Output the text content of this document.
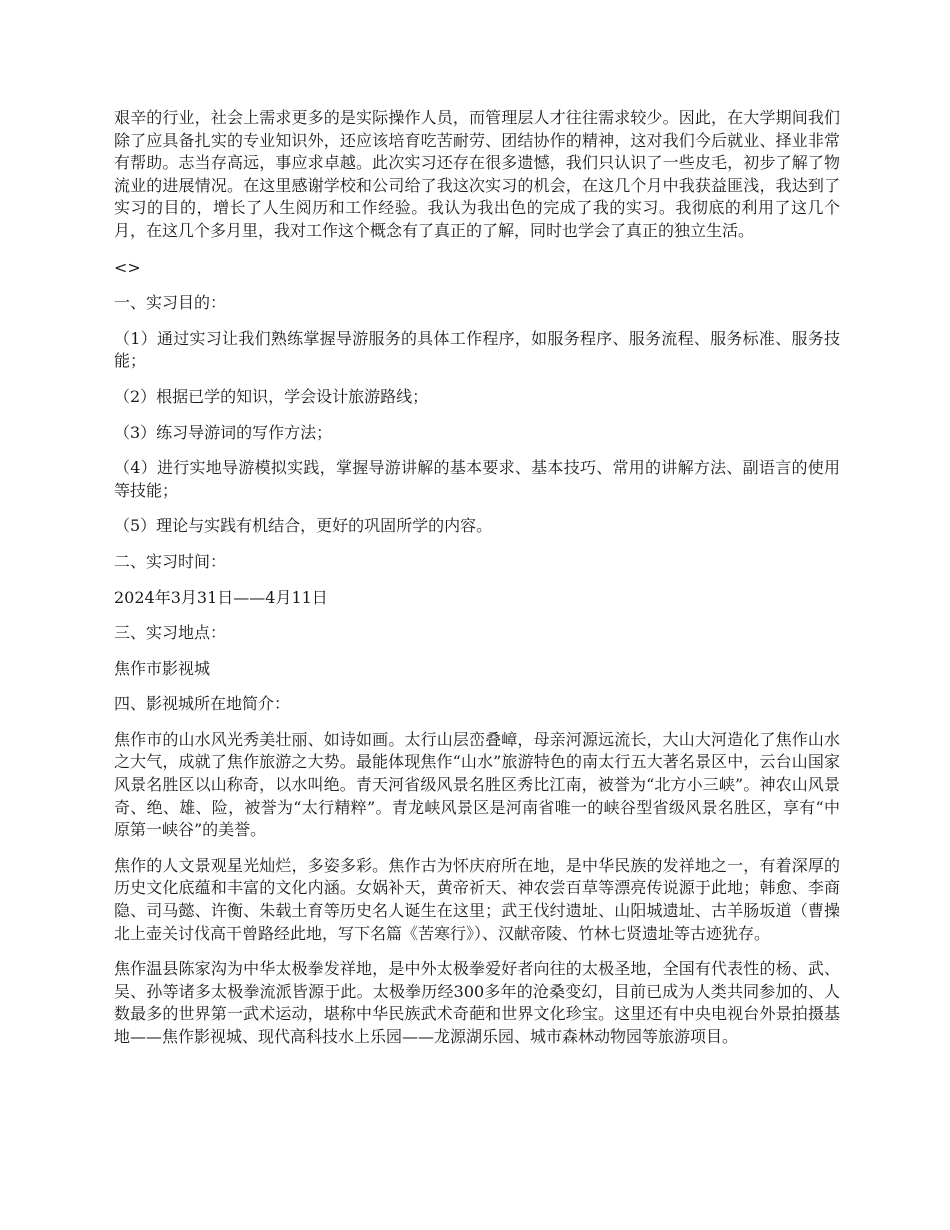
艰辛的行业，社会上需求更多的是实际操作人员，而管理层人才往往需求较少。因此，在大学期间我们除了应具备扎实的专业知识外，还应该培育吃苦耐劳、团结协作的精神，这对我们今后就业、择业非常有帮助。志当存高远，事应求卓越。此次实习还存在很多遗憾，我们只认识了一些皮毛，初步了解了物流业的进展情况。在这里感谢学校和公司给了我这次实习的机会，在这几个月中我获益匪浅，我达到了实习的目的，增长了人生阅历和工作经验。我认为我出色的完成了我的实习。我彻底的利用了这几个月，在这几个多月里，我对工作这个概念有了真正的了解，同时也学会了真正的独立生活。

<>

一、实习目的：

（1）通过实习让我们熟练掌握导游服务的具体工作程序，如服务程序、服务流程、服务标准、服务技能；

（2）根据已学的知识，学会设计旅游路线；

（3）练习导游词的写作方法；

（4）进行实地导游模拟实践，掌握导游讲解的基本要求、基本技巧、常用的讲解方法、副语言的使用等技能；

（5）理论与实践有机结合，更好的巩固所学的内容。

二、实习时间：

2024年3月31日——4月11日

三、实习地点：

焦作市影视城

四、影视城所在地简介：

焦作市的山水风光秀美壮丽、如诗如画。太行山层峦叠嶂，母亲河源远流长，大山大河造化了焦作山水之大气，成就了焦作旅游之大势。最能体现焦作“山水”旅游特色的南太行五大著名景区中，云台山国家风景名胜区以山称奇，以水叫绝。青天河省级风景名胜区秀比江南，被誉为“北方小三峡”。神农山风景奇、绝、雄、险，被誉为“太行精粹”。青龙峡风景区是河南省唯一的峡谷型省级风景名胜区，享有“中原第一峡谷”的美誉。

焦作的人文景观星光灿烂，多姿多彩。焦作古为怀庆府所在地，是中华民族的发祥地之一，有着深厚的历史文化底蕴和丰富的文化内涵。女娲补天，黄帝祈天、神农尝百草等漂亮传说源于此地；韩愈、李商隐、司马懿、许衡、朱载土育等历史名人诞生在这里；武王伐纣遗址、山阳城遗址、古羊肠坂道（曹操北上壶关讨伐高干曾路经此地，写下名篇《苦寒行》）、汉献帝陵、竹林七贤遗址等古迹犹存。

焦作温县陈家沟为中华太极拳发祥地，是中外太极拳爱好者向往的太极圣地，全国有代表性的杨、武、吴、孙等诸多太极拳流派皆源于此。太极拳历经300多年的沧桑变幻，目前已成为人类共同参加的、人数最多的世界第一武术运动，堪称中华民族武术奇葩和世界文化珍宝。这里还有中央电视台外景拍摄基地——焦作影视城、现代高科技水上乐园——龙源湖乐园、城市森林动物园等旅游项目。
